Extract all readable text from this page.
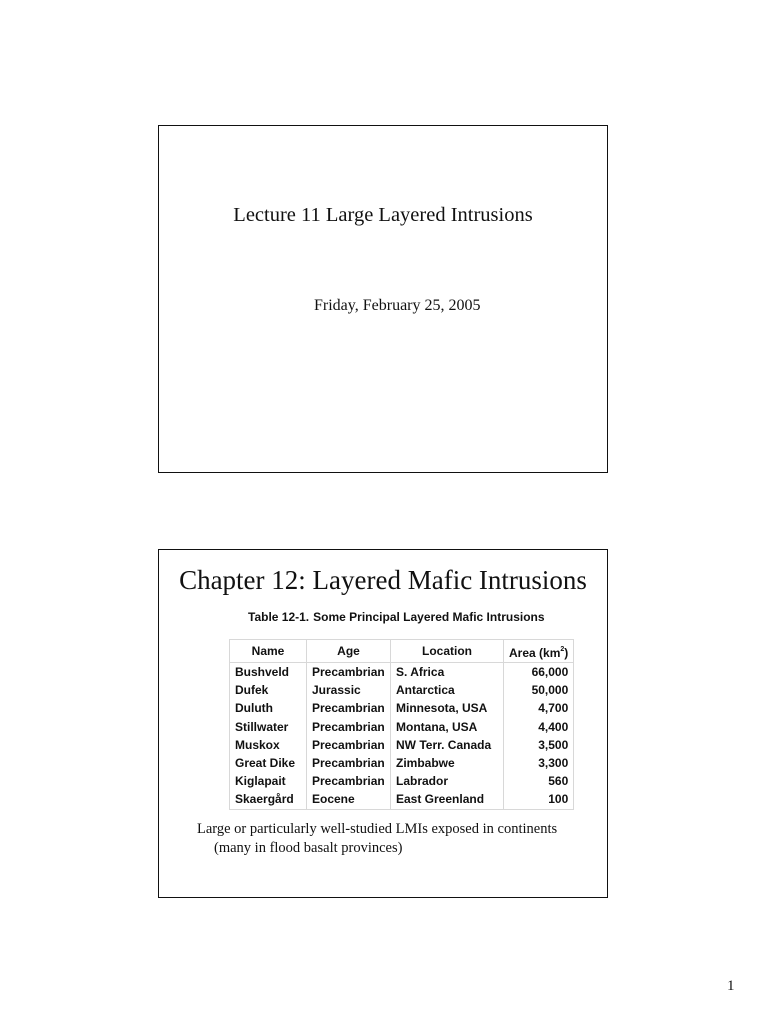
Lecture 11 Large Layered Intrusions
Friday, February 25, 2005
Chapter 12: Layered Mafic Intrusions
Table 12-1. Some Principal Layered Mafic Intrusions
Name	Age	Location	Area $(km^2)$
Bushveld	Precambrian	S. Africa	66,000
Dufek	Jurassic	Antarctica	50,000
Duluth	Precambrian	Minnesota, USA	4,700
Stillwater	Precambrian	Montana, USA	4,400
Muskox	Precambrian	NW Terr. Canada	3,500
Great Dike	Precambrian	Zimbabwe	3,300
Kiglapait	Precambrian	Labrador	560
Skaergård	Eocene	East Greenland	100
Large or particularly well-studied LMIs exposed in continents
(many in flood basalt provinces)
1
